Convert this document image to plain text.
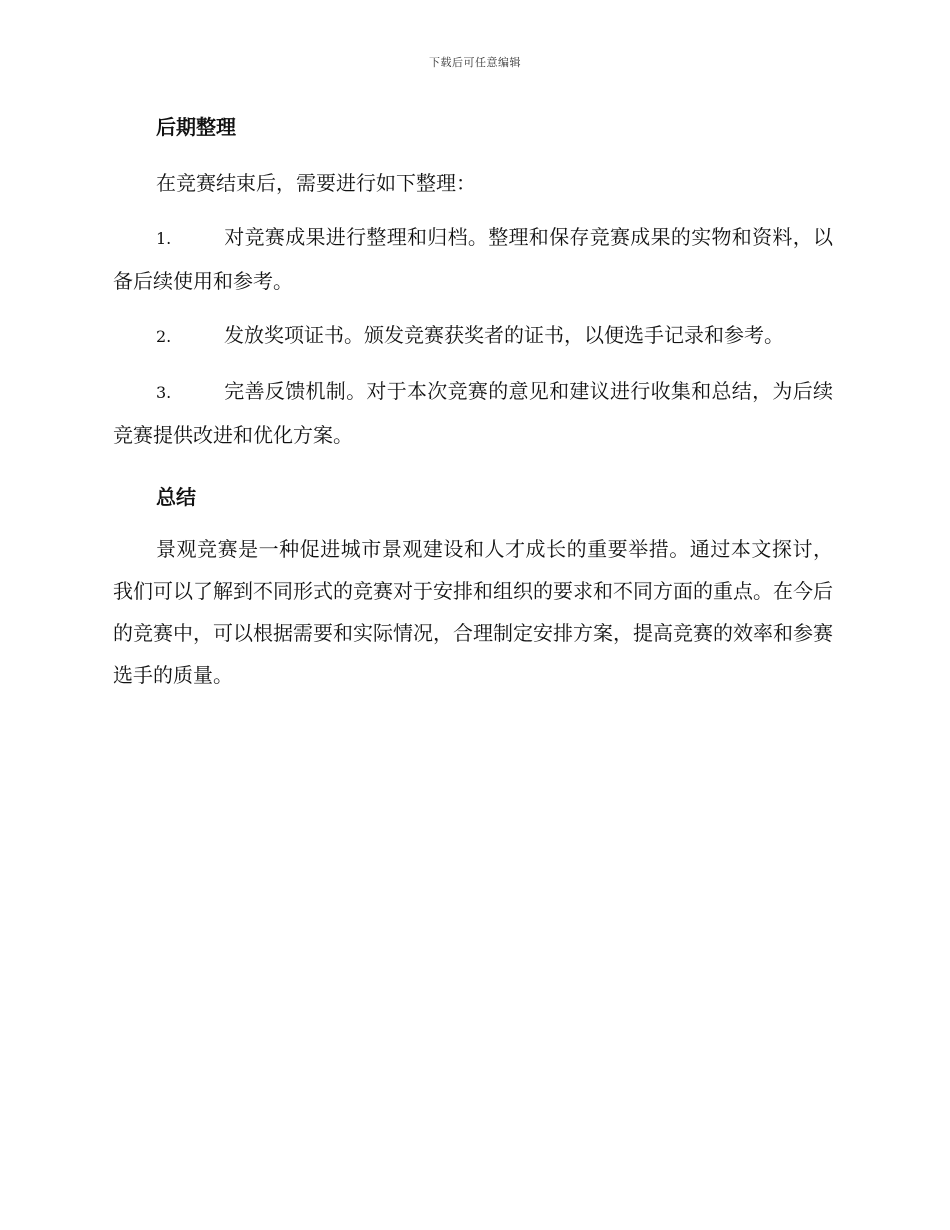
下载后可任意编辑
后期整理

在竞赛结束后，需要进行如下整理：

1.	对竞赛成果进行整理和归档。整理和保存竞赛成果的实物和资料，以备后续使用和参考。

2.	发放奖项证书。颁发竞赛获奖者的证书，以便选手记录和参考。

3.	完善反馈机制。对于本次竞赛的意见和建议进行收集和总结，为后续竞赛提供改进和优化方案。

总结

景观竞赛是一种促进城市景观建设和人才成长的重要举措。通过本文探讨，我们可以了解到不同形式的竞赛对于安排和组织的要求和不同方面的重点。在今后的竞赛中，可以根据需要和实际情况，合理制定安排方案，提高竞赛的效率和参赛选手的质量。
